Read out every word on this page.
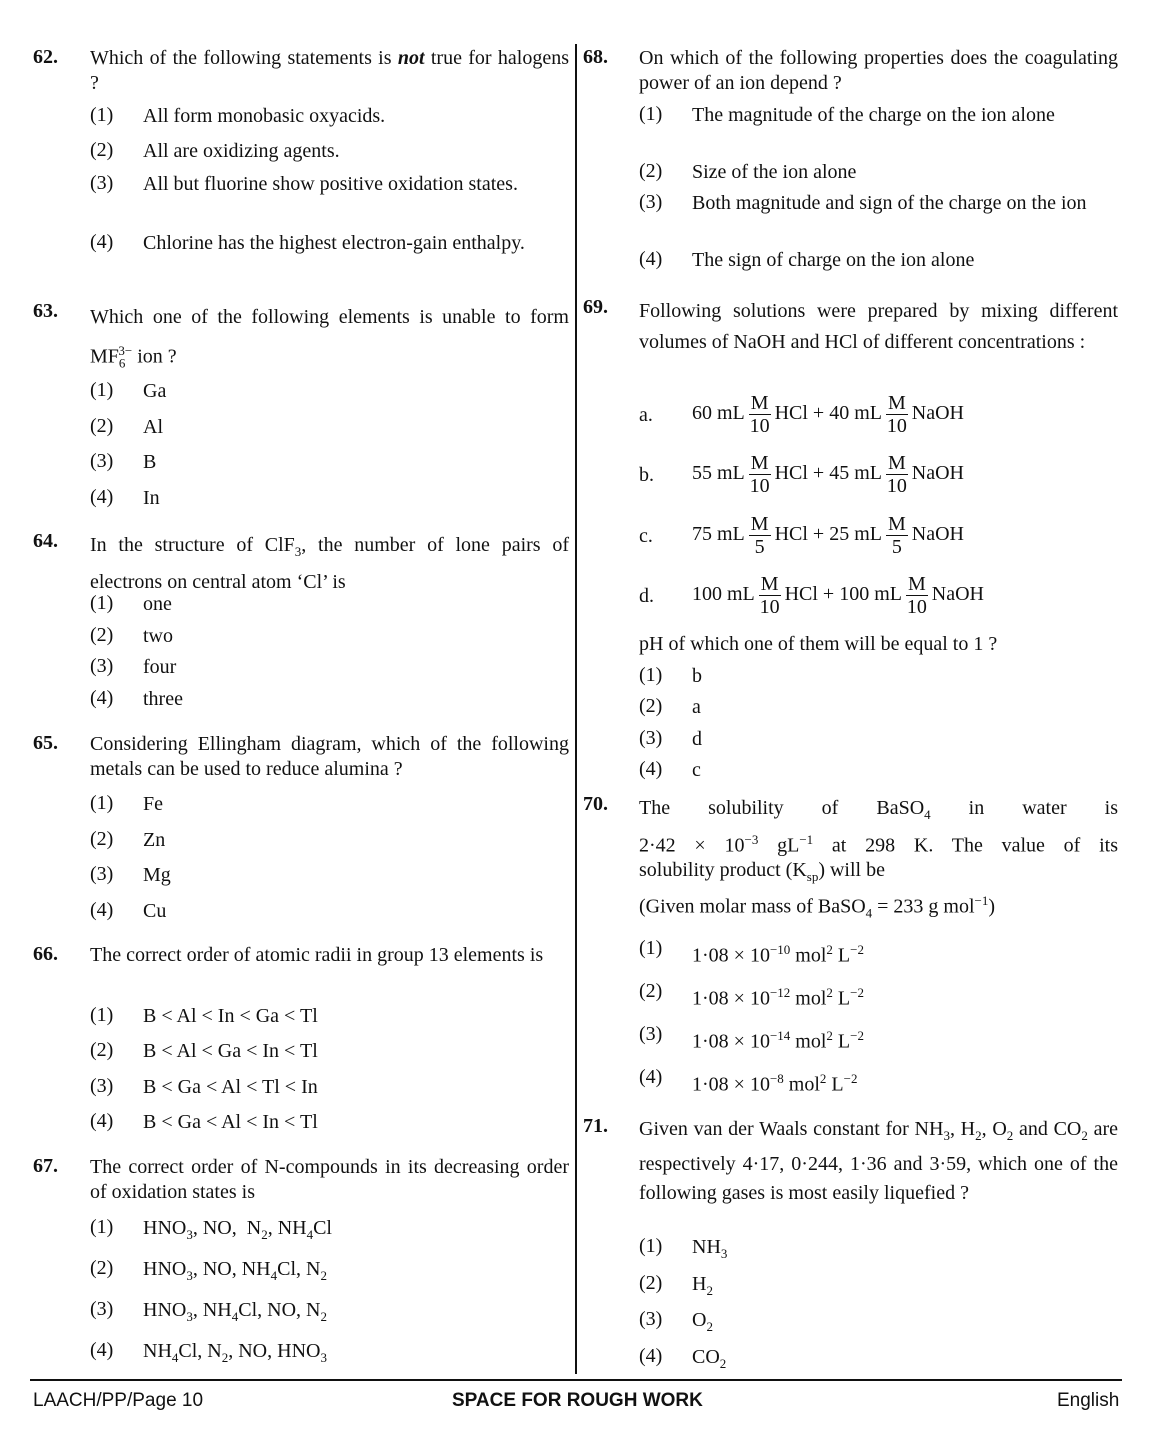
62. Which of the following statements is not true for halogens ?
(1) All form monobasic oxyacids.
(2) All are oxidizing agents.
(3) All but fluorine show positive oxidation states.
(4) Chlorine has the highest electron-gain enthalpy.
63. Which one of the following elements is unable to form $MF_6^{3-}$ ion ?
(1) Ga
(2) Al
(3) B
(4) In
64. In the structure of ClF$_3$, the number of lone pairs of electrons on central atom ‘Cl’ is
(1) one
(2) two
(3) four
(4) three
65. Considering Ellingham diagram, which of the following metals can be used to reduce alumina ?
(1) Fe
(2) Zn
(3) Mg
(4) Cu
66. The correct order of atomic radii in group 13 elements is
(1) B < Al < In < Ga < Tl
(2) B < Al < Ga < In < Tl
(3) B < Ga < Al < Tl < In
(4) B < Ga < Al < In < Tl
67. The correct order of N-compounds in its decreasing order of oxidation states is
(1) $HNO_3$, NO,  $N_2$, $NH_4Cl$
(2) $HNO_3$, NO, $NH_4Cl$, $N_2$
(3) $HNO_3$, $NH_4Cl$, NO, $N_2$
(4) $NH_4Cl$, $N_2$, NO, $HNO_3$
68. On which of the following properties does the coagulating power of an ion depend ?
(1) The magnitude of the charge on the ion alone
(2) Size of the ion alone
(3) Both magnitude and sign of the charge on the ion
(4) The sign of charge on the ion alone
69. Following solutions were prepared by mixing different volumes of NaOH and HCl of different concentrations :
a. 60 mL $\frac{M}{10}$ HCl + 40 mL $\frac{M}{10}$ NaOH
b. 55 mL $\frac{M}{10}$ HCl + 45 mL $\frac{M}{10}$ NaOH
c. 75 mL $\frac{M}{5}$ HCl + 25 mL $\frac{M}{5}$ NaOH
d. 100 mL $\frac{M}{10}$ HCl + 100 mL $\frac{M}{10}$ NaOH
pH of which one of them will be equal to 1 ?
(1) b
(2) a
(3) d
(4) c
70. The solubility of BaSO$_4$ in water is
$2\cdot 42 \times 10^{-3}$ $gL^{-1}$ at 298 K. The value of its
solubility product $(K_{sp})$ will be
(Given molar mass of BaSO$_4$ = 233 g mol$^{-1}$)
(1) $1\cdot 08 \times 10^{-10}$ mol$^2$ $L^{-2}$
(2) $1\cdot 08 \times 10^{-12}$ mol$^2$ $L^{-2}$
(3) $1\cdot 08 \times 10^{-14}$ mol$^2$ $L^{-2}$
(4) $1\cdot 08 \times 10^{-8}$ mol$^2$ $L^{-2}$
71. Given van der Waals constant for $NH_3$, $H_2$, $O_2$ and $CO_2$ are respectively 4·17, 0·244, 1·36 and 3·59, which one of the following gases is most easily liquefied ?
(1) $NH_3$
(2) $H_2$
(3) $O_2$
(4) $CO_2$
LAACH/PP/Page 10	SPACE FOR ROUGH WORK	English
